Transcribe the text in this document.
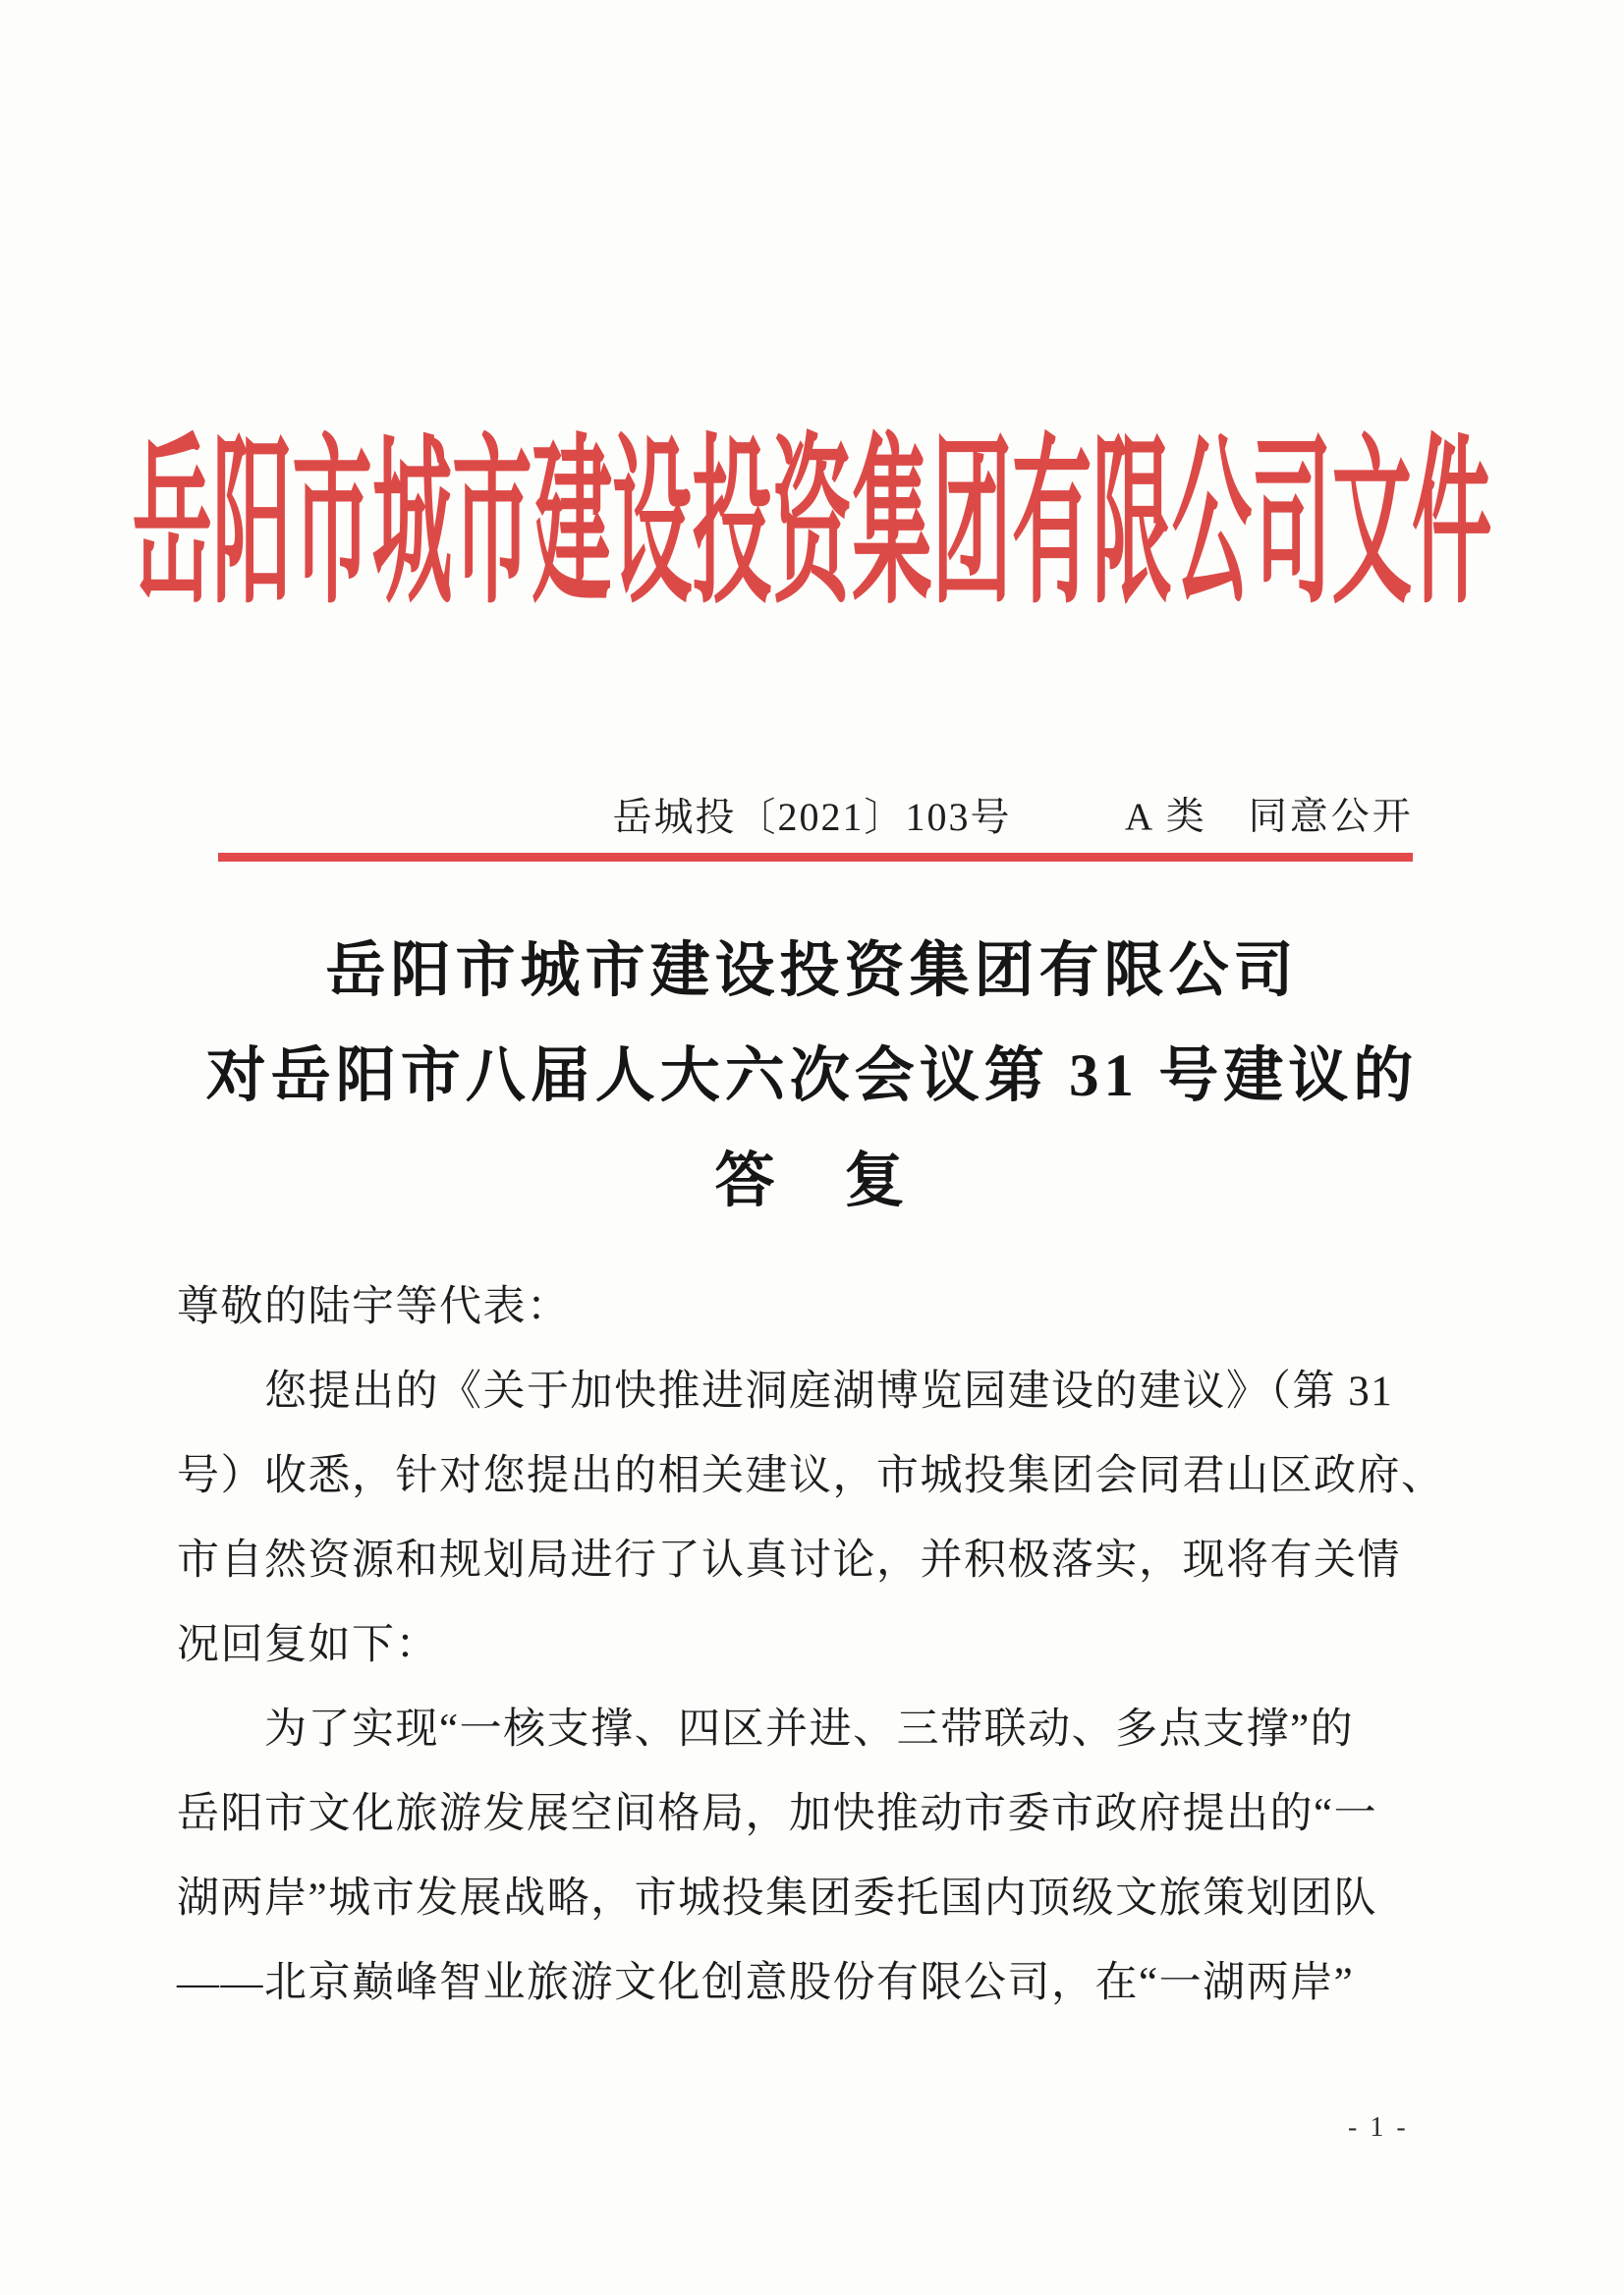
岳阳市城市建设投资集团有限公司文件
岳城投〔2021〕103号	A 类 同意公开
岳阳市城市建设投资集团有限公司
对岳阳市八届人大六次会议第 31 号建议的
答　复
尊敬的陆宇等代表：
您提出的《关于加快推进洞庭湖博览园建设的建议》（第 31
号）收悉，针对您提出的相关建议，市城投集团会同君山区政府、
市自然资源和规划局进行了认真讨论，并积极落实，现将有关情
况回复如下：
为了实现“一核支撑、四区并进、三带联动、多点支撑”的
岳阳市文化旅游发展空间格局，加快推动市委市政府提出的“一
湖两岸”城市发展战略，市城投集团委托国内顶级文旅策划团队
——北京巅峰智业旅游文化创意股份有限公司，在“一湖两岸”
- 1 -
